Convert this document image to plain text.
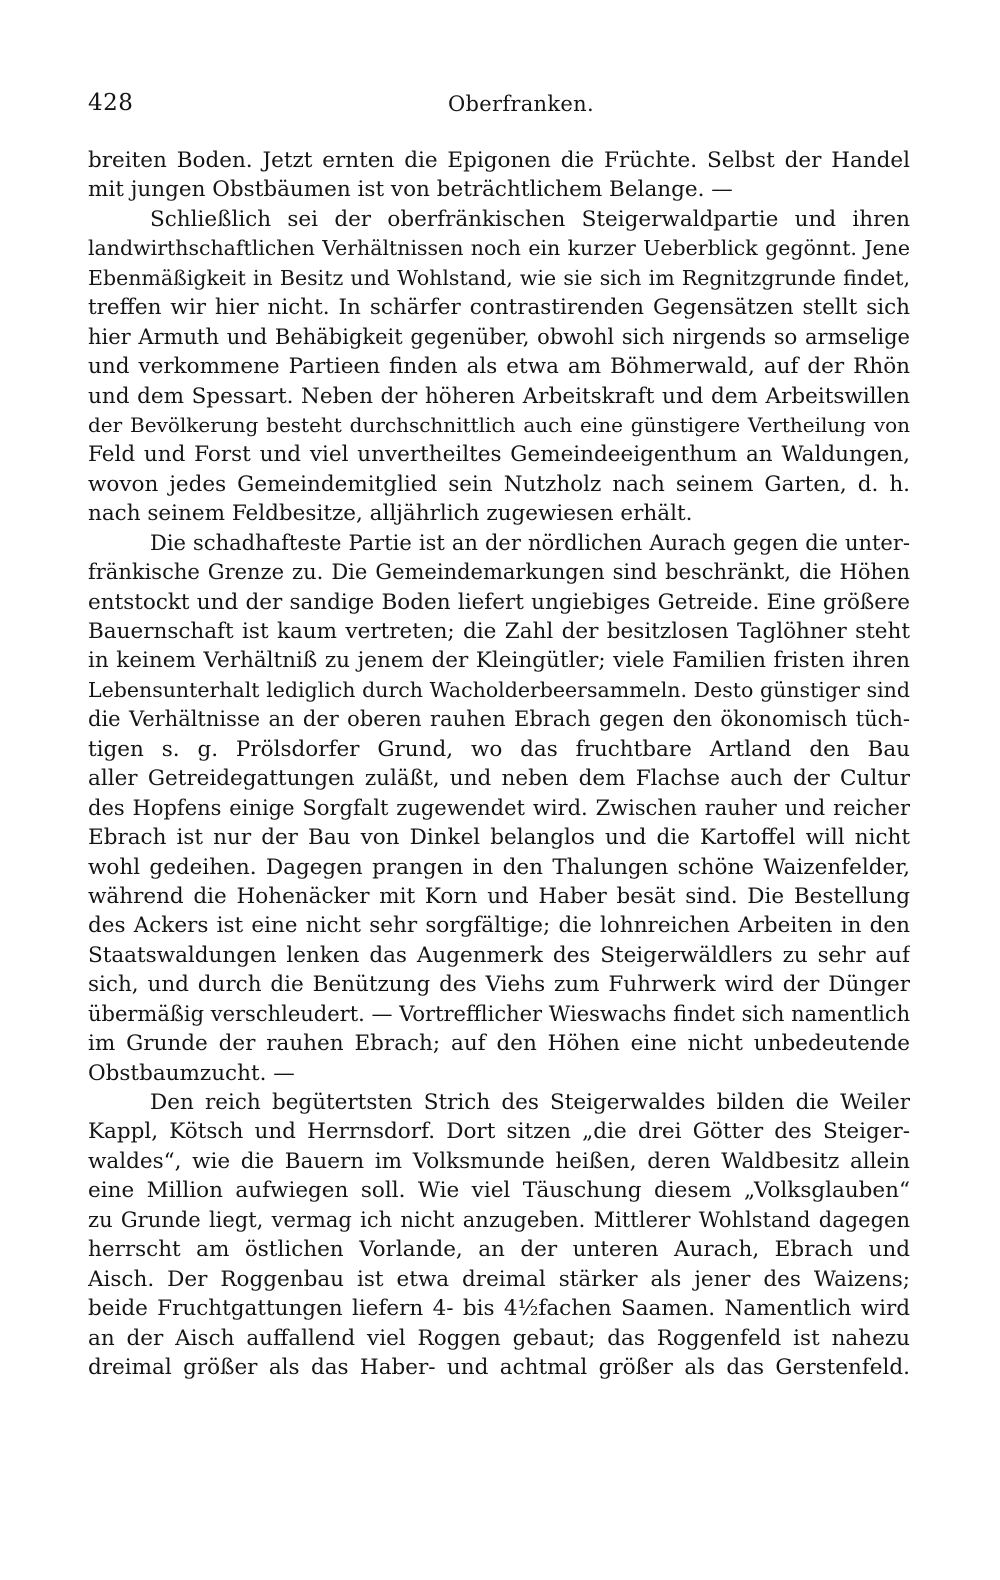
428	Oberfranken.
breiten Boden. Jetzt ernten die Epigonen die Früchte. Selbst der Handel
mit jungen Obstbäumen ist von beträchtlichem Belange. —
Schließlich sei der oberfränkischen Steigerwaldpartie und ihren
landwirthschaftlichen Verhältnissen noch ein kurzer Ueberblick gegönnt. Jene
Ebenmäßigkeit in Besitz und Wohlstand, wie sie sich im Regnitzgrunde findet,
treffen wir hier nicht. In schärfer contrastirenden Gegensätzen stellt sich
hier Armuth und Behäbigkeit gegenüber, obwohl sich nirgends so armselige
und verkommene Partieen finden als etwa am Böhmerwald, auf der Rhön
und dem Spessart. Neben der höheren Arbeitskraft und dem Arbeitswillen
der Bevölkerung besteht durchschnittlich auch eine günstigere Vertheilung von
Feld und Forst und viel unvertheiltes Gemeindeeigenthum an Waldungen,
wovon jedes Gemeindemitglied sein Nutzholz nach seinem Garten, d. h.
nach seinem Feldbesitze, alljährlich zugewiesen erhält.
Die schadhafteste Partie ist an der nördlichen Aurach gegen die unter-
fränkische Grenze zu. Die Gemeindemarkungen sind beschränkt, die Höhen
entstockt und der sandige Boden liefert ungiebiges Getreide. Eine größere
Bauernschaft ist kaum vertreten; die Zahl der besitzlosen Taglöhner steht
in keinem Verhältniß zu jenem der Kleingütler; viele Familien fristen ihren
Lebensunterhalt lediglich durch Wacholderbeersammeln. Desto günstiger sind
die Verhältnisse an der oberen rauhen Ebrach gegen den ökonomisch tüch-
tigen s. g. Prölsdorfer Grund, wo das fruchtbare Artland den Bau
aller Getreidegattungen zuläßt, und neben dem Flachse auch der Cultur
des Hopfens einige Sorgfalt zugewendet wird. Zwischen rauher und reicher
Ebrach ist nur der Bau von Dinkel belanglos und die Kartoffel will nicht
wohl gedeihen. Dagegen prangen in den Thalungen schöne Waizenfelder,
während die Hohenäcker mit Korn und Haber besät sind. Die Bestellung
des Ackers ist eine nicht sehr sorgfältige; die lohnreichen Arbeiten in den
Staatswaldungen lenken das Augenmerk des Steigerwäldlers zu sehr auf
sich, und durch die Benützung des Viehs zum Fuhrwerk wird der Dünger
übermäßig verschleudert. — Vortrefflicher Wieswachs findet sich namentlich
im Grunde der rauhen Ebrach; auf den Höhen eine nicht unbedeutende
Obstbaumzucht. —
Den reich begütertsten Strich des Steigerwaldes bilden die Weiler
Kappl, Kötsch und Herrnsdorf. Dort sitzen „die drei Götter des Steiger-
waldes“, wie die Bauern im Volksmunde heißen, deren Waldbesitz allein
eine Million aufwiegen soll. Wie viel Täuschung diesem „Volksglauben“
zu Grunde liegt, vermag ich nicht anzugeben. Mittlerer Wohlstand dagegen
herrscht am östlichen Vorlande, an der unteren Aurach, Ebrach und
Aisch. Der Roggenbau ist etwa dreimal stärker als jener des Waizens;
beide Fruchtgattungen liefern 4- bis 4½fachen Saamen. Namentlich wird
an der Aisch auffallend viel Roggen gebaut; das Roggenfeld ist nahezu
dreimal größer als das Haber- und achtmal größer als das Gerstenfeld.
